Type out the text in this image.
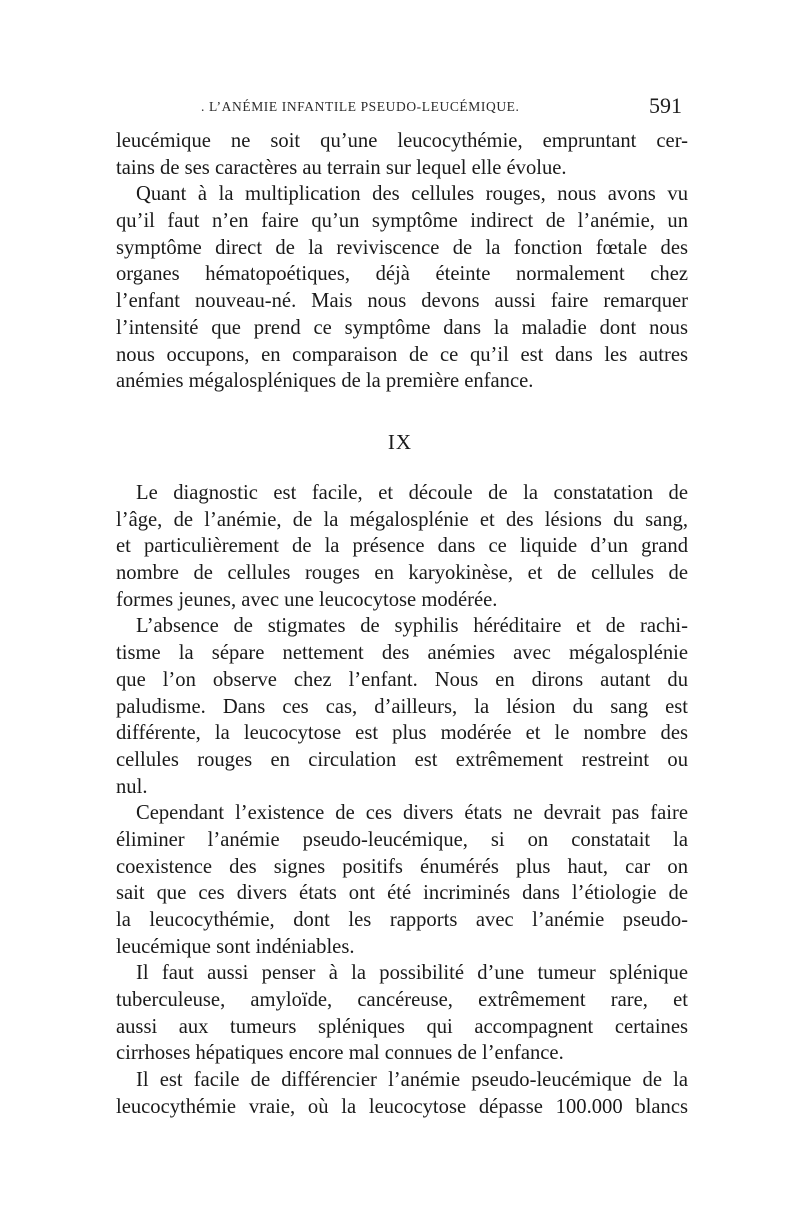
. L’ANÉMIE INFANTILE PSEUDO-LEUCÉMIQUE.	591
leucémique ne soit qu’une leucocythémie, empruntant cer-
tains de ses caractères au terrain sur lequel elle évolue.
Quant à la multiplication des cellules rouges, nous avons vu
qu’il faut n’en faire qu’un symptôme indirect de l’anémie, un
symptôme direct de la reviviscence de la fonction fœtale des
organes hématopoétiques, déjà éteinte normalement chez
l’enfant nouveau-né. Mais nous devons aussi faire remarquer
l’intensité que prend ce symptôme dans la maladie dont nous
nous occupons, en comparaison de ce qu’il est dans les autres
anémies mégalospléniques de la première enfance.
IX
Le diagnostic est facile, et découle de la constatation de
l’âge, de l’anémie, de la mégalosplénie et des lésions du sang,
et particulièrement de la présence dans ce liquide d’un grand
nombre de cellules rouges en karyokinèse, et de cellules de
formes jeunes, avec une leucocytose modérée.
L’absence de stigmates de syphilis héréditaire et de rachi-
tisme la sépare nettement des anémies avec mégalosplénie
que l’on observe chez l’enfant. Nous en dirons autant du
paludisme. Dans ces cas, d’ailleurs, la lésion du sang est
différente, la leucocytose est plus modérée et le nombre des
cellules rouges en circulation est extrêmement restreint ou
nul.
Cependant l’existence de ces divers états ne devrait pas faire
éliminer l’anémie pseudo-leucémique, si on constatait la
coexistence des signes positifs énumérés plus haut, car on
sait que ces divers états ont été incriminés dans l’étiologie de
la leucocythémie, dont les rapports avec l’anémie pseudo-
leucémique sont indéniables.
Il faut aussi penser à la possibilité d’une tumeur splénique
tuberculeuse, amyloïde, cancéreuse, extrêmement rare, et
aussi aux tumeurs spléniques qui accompagnent certaines
cirrhoses hépatiques encore mal connues de l’enfance.
Il est facile de différencier l’anémie pseudo-leucémique de la
leucocythémie vraie, où la leucocytose dépasse 100.000 blancs
